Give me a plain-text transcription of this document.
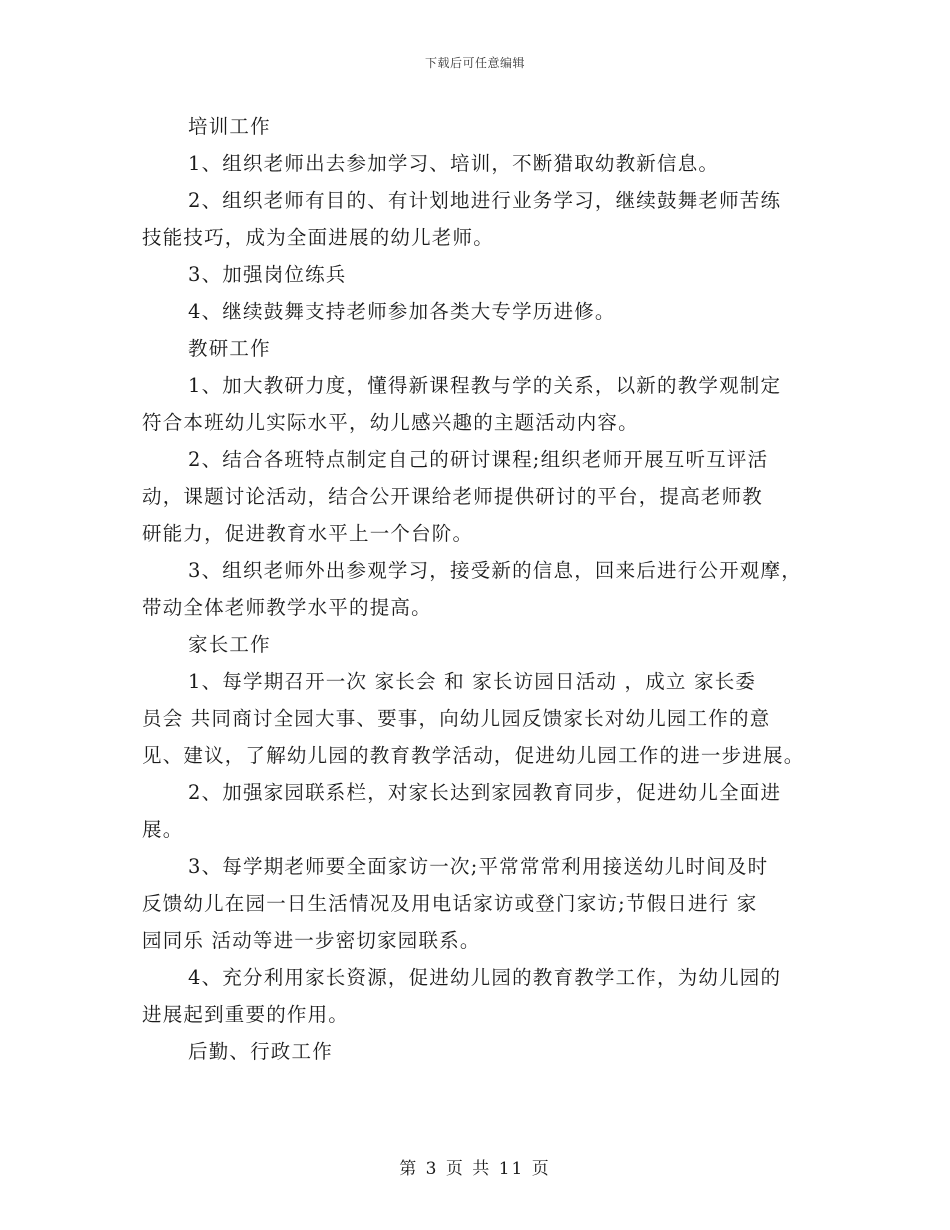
下载后可任意编辑
培训工作
1、组织老师出去参加学习、培训，不断猎取幼教新信息。
2、组织老师有目的、有计划地进行业务学习，继续鼓舞老师苦练
技能技巧，成为全面进展的幼儿老师。
3、加强岗位练兵
4、继续鼓舞支持老师参加各类大专学历进修。
教研工作
1、加大教研力度，懂得新课程教与学的关系，以新的教学观制定
符合本班幼儿实际水平，幼儿感兴趣的主题活动内容。
2、结合各班特点制定自己的研讨课程;组织老师开展互听互评活
动，课题讨论活动，结合公开课给老师提供研讨的平台，提高老师教
研能力，促进教育水平上一个台阶。
3、组织老师外出参观学习，接受新的信息，回来后进行公开观摩，
带动全体老师教学水平的提高。
家长工作
1、每学期召开一次 家长会 和 家长访园日活动 ，成立 家长委
员会 共同商讨全园大事、要事，向幼儿园反馈家长对幼儿园工作的意
见、建议，了解幼儿园的教育教学活动，促进幼儿园工作的进一步进展。
2、加强家园联系栏，对家长达到家园教育同步，促进幼儿全面进
展。
3、每学期老师要全面家访一次;平常常常利用接送幼儿时间及时
反馈幼儿在园一日生活情况及用电话家访或登门家访;节假日进行 家
园同乐 活动等进一步密切家园联系。
4、充分利用家长资源，促进幼儿园的教育教学工作，为幼儿园的
进展起到重要的作用。
后勤、行政工作
第 3 页 共 11 页
